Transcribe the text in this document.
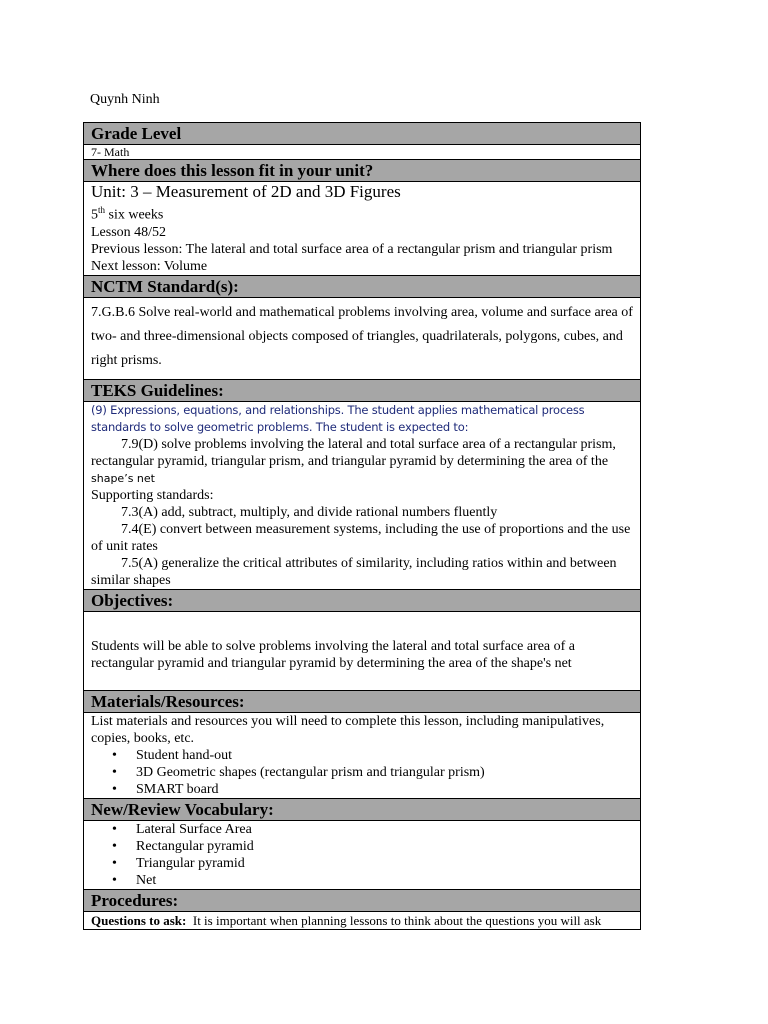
Quynh Ninh
Grade Level
7- Math
Where does this lesson fit in your unit?
Unit: 3 – Measurement of 2D and 3D Figures
5th six weeks
Lesson 48/52
Previous lesson: The lateral and total surface area of a rectangular prism and triangular prism
Next lesson: Volume
NCTM Standard(s):
7.G.B.6 Solve real-world and mathematical problems involving area, volume and surface area of two- and three-dimensional objects composed of triangles, quadrilaterals, polygons, cubes, and right prisms.
TEKS Guidelines:
(9) Expressions, equations, and relationships. The student applies mathematical process standards to solve geometric problems. The student is expected to:
7.9(D) solve problems involving the lateral and total surface area of a rectangular prism, rectangular pyramid, triangular prism, and triangular pyramid by determining the area of the shape’s net
Supporting standards:
7.3(A) add, subtract, multiply, and divide rational numbers fluently
7.4(E) convert between measurement systems, including the use of proportions and the use
of unit rates
7.5(A) generalize the critical attributes of similarity, including ratios within and between
similar shapes
Objectives:
Students will be able to solve problems involving the lateral and total surface area of a rectangular pyramid and triangular pyramid by determining the area of the shape's net
Materials/Resources:
List materials and resources you will need to complete this lesson, including manipulatives, copies, books, etc.
• Student hand-out
• 3D Geometric shapes (rectangular prism and triangular prism)
• SMART board
New/Review Vocabulary:
• Lateral Surface Area
• Rectangular pyramid
• Triangular pyramid
• Net
Procedures:
Questions to ask:  It is important when planning lessons to think about the questions you will ask
